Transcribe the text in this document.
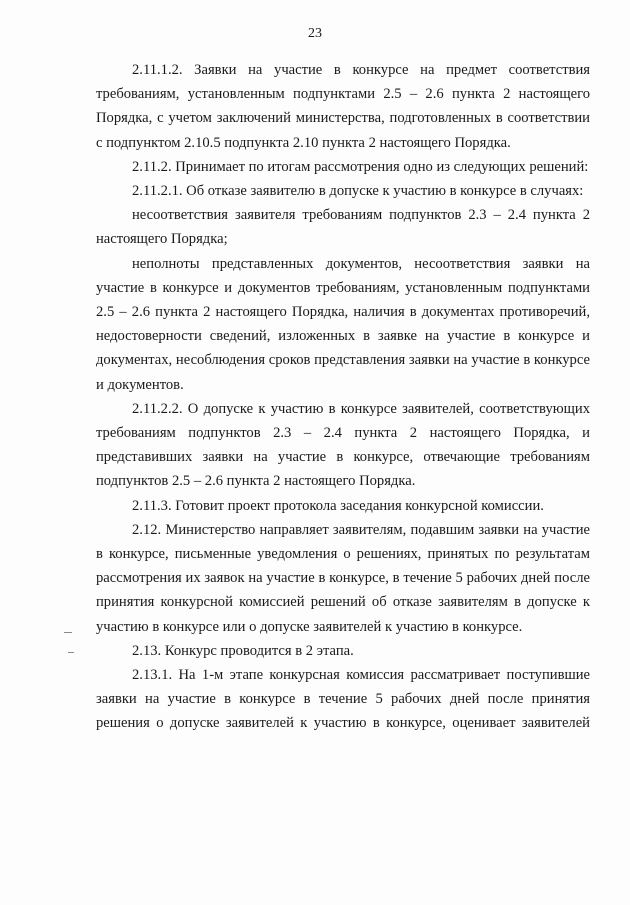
23

2.11.1.2. Заявки на участие в конкурсе на предмет соответствия требованиям, установленным подпунктами 2.5 – 2.6 пункта 2 настоящего Порядка, с учетом заключений министерства, подготовленных в соответствии с подпунктом 2.10.5 подпункта 2.10 пункта 2 настоящего Порядка.

2.11.2. Принимает по итогам рассмотрения одно из следующих решений:

2.11.2.1. Об отказе заявителю в допуске к участию в конкурсе в случаях:

несоответствия заявителя требованиям подпунктов 2.3 – 2.4 пункта 2 настоящего Порядка;

неполноты представленных документов, несоответствия заявки на участие в конкурсе и документов требованиям, установленным подпунктами 2.5 – 2.6 пункта 2 настоящего Порядка, наличия в документах противоречий, недостоверности сведений, изложенных в заявке на участие в конкурсе и документах, несоблюдения сроков представления заявки на участие в конкурсе и документов.

2.11.2.2. О допуске к участию в конкурсе заявителей, соответствующих требованиям подпунктов 2.3 – 2.4 пункта 2 настоящего Порядка, и представивших заявки на участие в конкурсе, отвечающие требованиям подпунктов 2.5 – 2.6 пункта 2 настоящего Порядка.

2.11.3. Готовит проект протокола заседания конкурсной комиссии.

2.12. Министерство направляет заявителям, подавшим заявки на участие в конкурсе, письменные уведомления о решениях, принятых по результатам рассмотрения их заявок на участие в конкурсе, в течение 5 рабочих дней после принятия конкурсной комиссией решений об отказе заявителям в допуске к участию в конкурсе или о допуске заявителей к участию в конкурсе.

2.13. Конкурс проводится в 2 этапа.

2.13.1. На 1-м этапе конкурсная комиссия рассматривает поступившие заявки на участие в конкурсе в течение 5 рабочих дней после принятия решения о допуске заявителей к участию в конкурсе, оценивает заявителей
